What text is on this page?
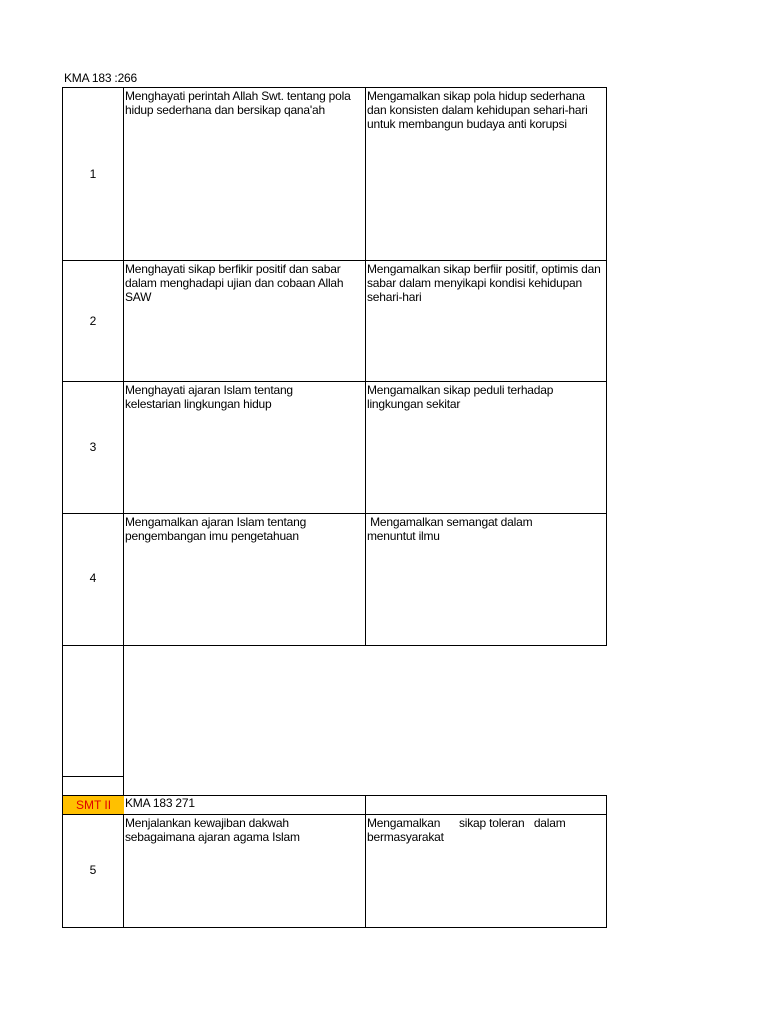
KMA 183 :266
1
Menghayati perintah Allah Swt. tentang pola hidup sederhana dan bersikap qana'ah
Mengamalkan sikap pola hidup sederhana dan konsisten dalam kehidupan sehari-hari untuk membangun budaya anti korupsi
2
Menghayati sikap berfikir positif dan sabar dalam menghadapi ujian dan cobaan Allah SAW
Mengamalkan sikap berfiir positif, optimis dan sabar dalam menyikapi kondisi kehidupan sehari-hari
3
Menghayati ajaran Islam tentang kelestarian lingkungan hidup
Mengamalkan sikap peduli terhadap lingkungan sekitar
4
Mengamalkan ajaran Islam tentang pengembangan imu pengetahuan
Mengamalkan semangat dalam menuntut ilmu
SMT II	KMA 183 271
5
Menjalankan kewajiban dakwah sebagaimana ajaran agama Islam
Mengamalkan      sikap toleran   dalam bermasyarakat
